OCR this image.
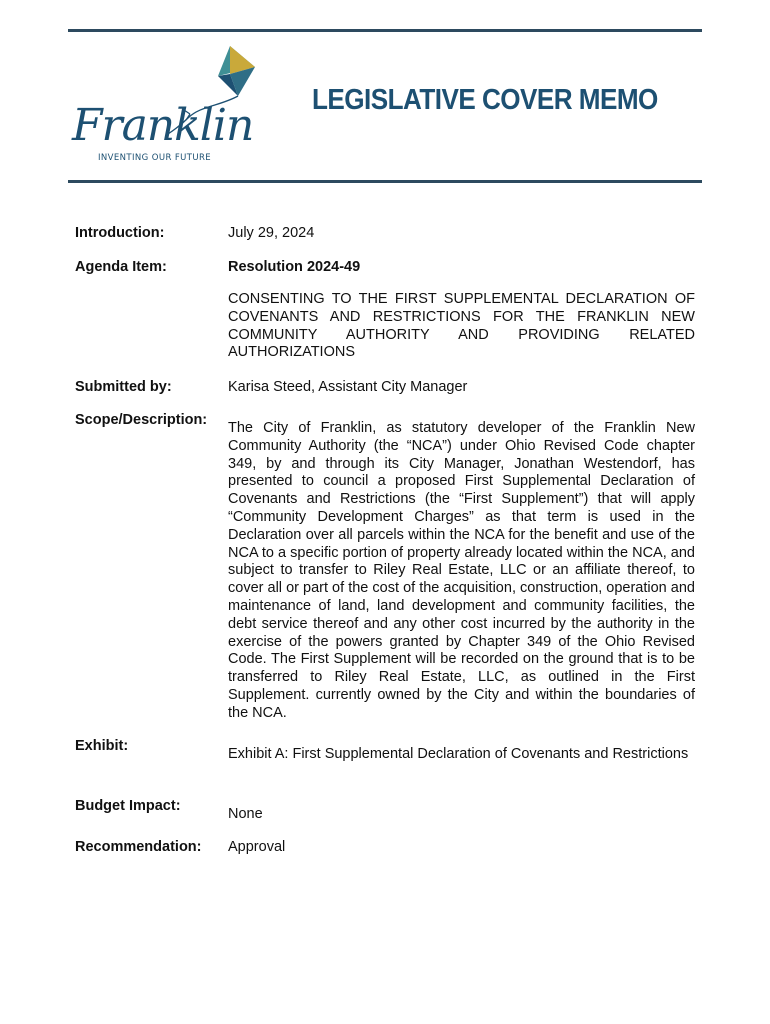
Franklin
INVENTING OUR FUTURE
LEGISLATIVE COVER MEMO
Introduction:	July 29, 2024
Agenda Item:	Resolution 2024-49
CONSENTING TO THE FIRST SUPPLEMENTAL DECLARATION OF COVENANTS AND RESTRICTIONS FOR THE FRANKLIN NEW COMMUNITY AUTHORITY AND PROVIDING RELATED AUTHORIZATIONS
Submitted by:	Karisa Steed, Assistant City Manager
Scope/Description: The City of Franklin, as statutory developer of the Franklin New Community Authority (the “NCA”) under Ohio Revised Code chapter 349, by and through its City Manager, Jonathan Westendorf, has presented to council a proposed First Supplemental Declaration of Covenants and Restrictions (the “First Supplement”) that will apply “Community Development Charges” as that term is used in the Declaration over all parcels within the NCA for the benefit and use of the NCA to a specific portion of property already located within the NCA, and subject to transfer to Riley Real Estate, LLC or an affiliate thereof, to cover all or part of the cost of the acquisition, construction, operation and maintenance of land, land development and community facilities, the debt service thereof and any other cost incurred by the authority in the exercise of the powers granted by Chapter 349 of the Ohio Revised Code. The First Supplement will be recorded on the ground that is to be transferred to Riley Real Estate, LLC, as outlined in the First Supplement. currently owned by the City and within the boundaries of the NCA.
Exhibit:	Exhibit A: First Supplemental Declaration of Covenants and Restrictions
Budget Impact:	None
Recommendation: Approval
